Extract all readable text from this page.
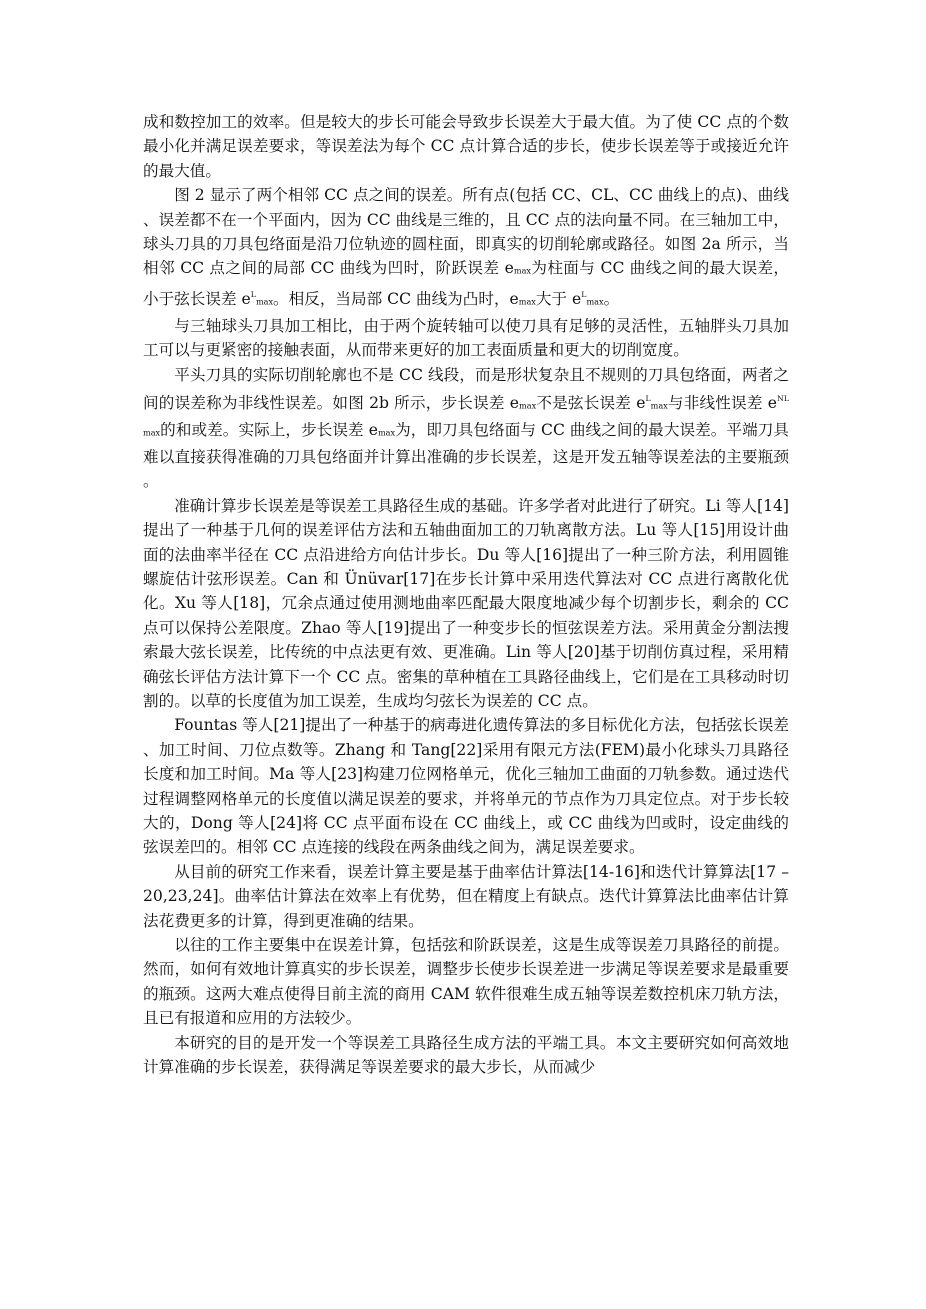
成和数控加工的效率。但是较大的步长可能会导致步长误差大于最大值。为了使 CC 点的个数最小化并满足误差要求，等误差法为每个 CC 点计算合适的步长，使步长误差等于或接近允许的最大值。

图 2 显示了两个相邻 CC 点之间的误差。所有点(包括 CC、CL、CC 曲线上的点)、曲线、误差都不在一个平面内，因为 CC 曲线是三维的，且 CC 点的法向量不同。在三轴加工中，球头刀具的刀具包络面是沿刀位轨迹的圆柱面，即真实的切削轮廓或路径。如图 2a 所示，当相邻 CC 点之间的局部 CC 曲线为凹时，阶跃误差 emax为柱面与 CC 曲线之间的最大误差，小于弦长误差 $e^L\max$。相反，当局部 CC 曲线为凸时，emax大于 $e^L\max$。

与三轴球头刀具加工相比，由于两个旋转轴可以使刀具有足够的灵活性，五轴胖头刀具加工可以与更紧密的接触表面，从而带来更好的加工表面质量和更大的切削宽度。

平头刀具的实际切削轮廓也不是 CC 线段，而是形状复杂且不规则的刀具包络面，两者之间的误差称为非线性误差。如图 2b 所示，步长误差 emax不是弦长误差 $e^L\max$与非线性误差 $e^{NL}\max$的和或差。实际上，步长误差 emax为，即刀具包络面与 CC 曲线之间的最大误差。平端刀具难以直接获得准确的刀具包络面并计算出准确的步长误差，这是开发五轴等误差法的主要瓶颈。

准确计算步长误差是等误差工具路径生成的基础。许多学者对此进行了研究。Li 等人[14]提出了一种基于几何的误差评估方法和五轴曲面加工的刀轨离散方法。Lu 等人[15]用设计曲面的法曲率半径在 CC 点沿进给方向估计步长。Du 等人[16]提出了一种三阶方法，利用圆锥螺旋估计弦形误差。Can 和 Ünüvar[17]在步长计算中采用迭代算法对 CC 点进行离散化优化。Xu 等人[18]，冗余点通过使用测地曲率匹配最大限度地减少每个切割步长，剩余的 CC 点可以保持公差限度。Zhao 等人[19]提出了一种变步长的恒弦误差方法。采用黄金分割法搜索最大弦长误差，比传统的中点法更有效、更准确。Lin 等人[20]基于切削仿真过程，采用精确弦长评估方法计算下一个 CC 点。密集的草种植在工具路径曲线上，它们是在工具移动时切割的。以草的长度值为加工误差，生成均匀弦长为误差的 CC 点。

Fountas 等人[21]提出了一种基于的病毒进化遗传算法的多目标优化方法，包括弦长误差、加工时间、刀位点数等。Zhang 和 Tang[22]采用有限元方法(FEM)最小化球头刀具路径长度和加工时间。Ma 等人[23]构建刀位网格单元，优化三轴加工曲面的刀轨参数。通过迭代过程调整网格单元的长度值以满足误差的要求，并将单元的节点作为刀具定位点。对于步长较大的，Dong 等人[24]将 CC 点平面布设在 CC 曲线上，或 CC 曲线为凹或时，设定曲线的弦误差凹的。相邻 CC 点连接的线段在两条曲线之间为，满足误差要求。

从目前的研究工作来看，误差计算主要是基于曲率估计算法[14-16]和迭代计算算法[17 – 20,23,24]。曲率估计算法在效率上有优势，但在精度上有缺点。迭代计算算法比曲率估计算法花费更多的计算，得到更准确的结果。

以往的工作主要集中在误差计算，包括弦和阶跃误差，这是生成等误差刀具路径的前提。然而，如何有效地计算真实的步长误差，调整步长使步长误差进一步满足等误差要求是最重要的瓶颈。这两大难点使得目前主流的商用 CAM 软件很难生成五轴等误差数控机床刀轨方法，且已有报道和应用的方法较少。

本研究的目的是开发一个等误差工具路径生成方法的平端工具。本文主要研究如何高效地计算准确的步长误差，获得满足等误差要求的最大步长，从而减少
